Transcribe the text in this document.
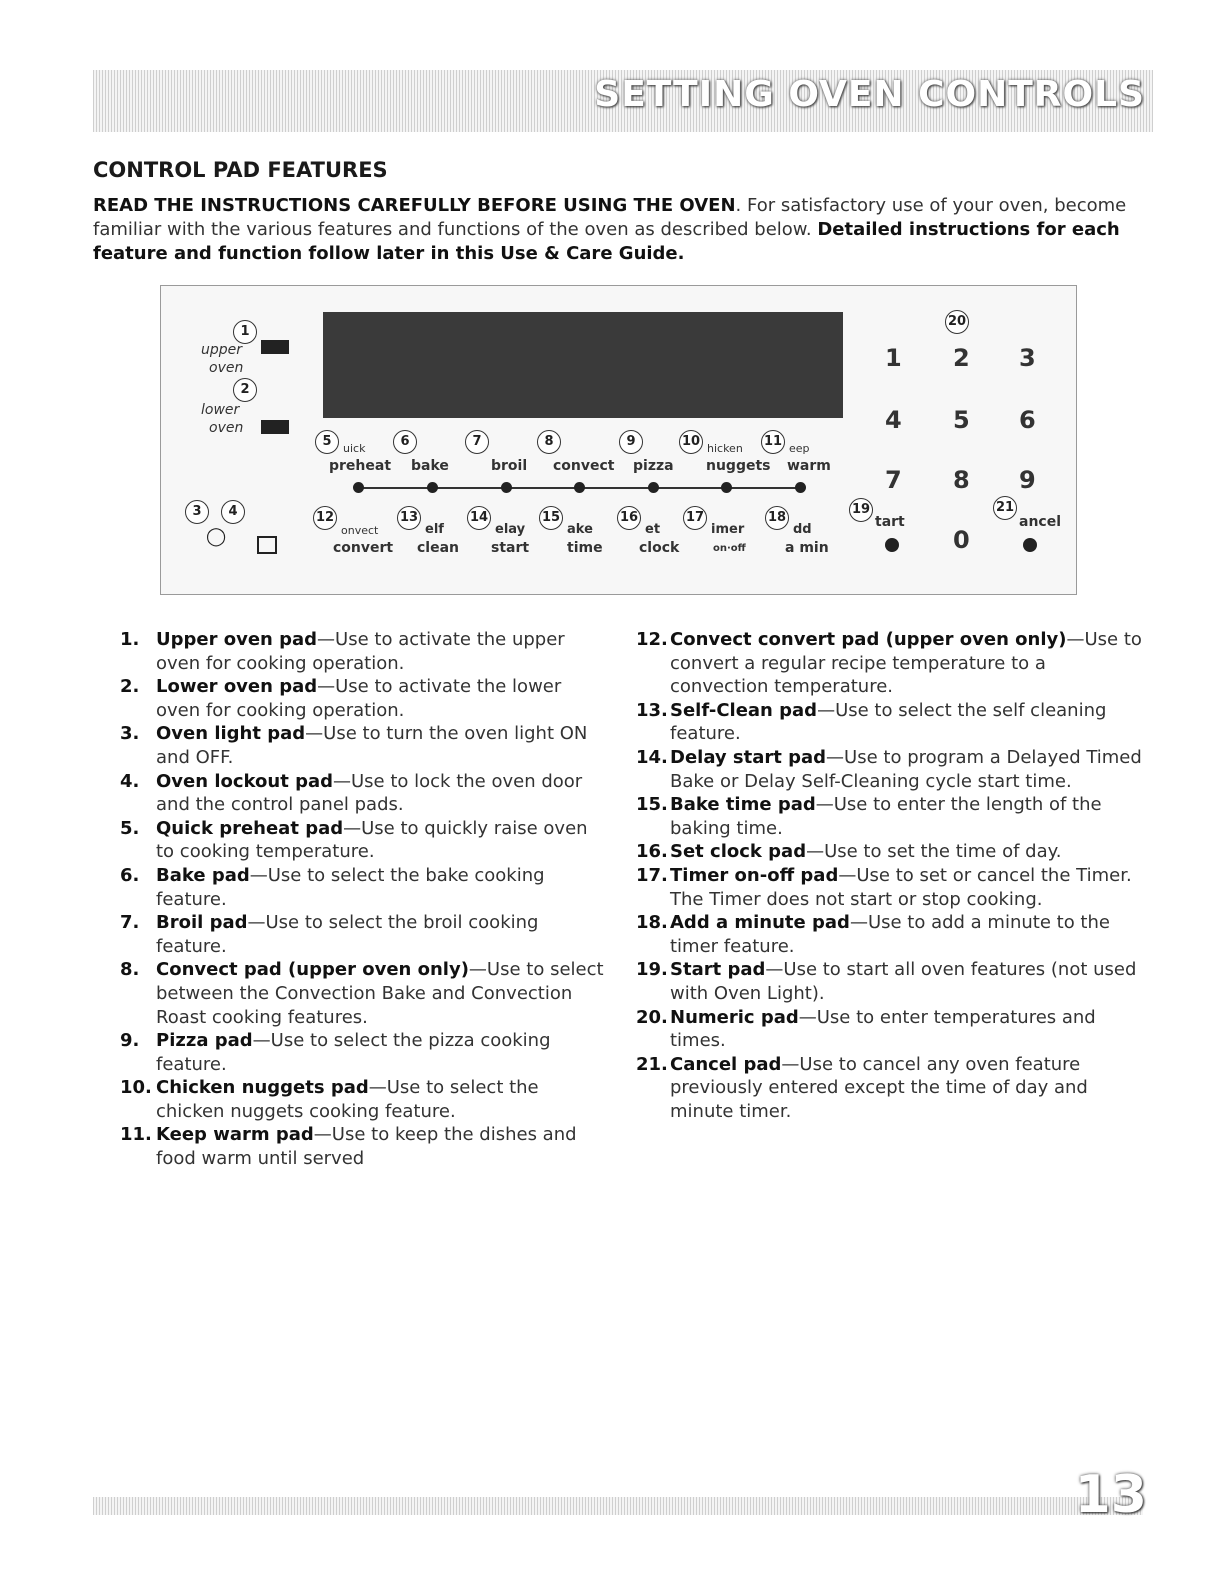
SETTING OVEN CONTROLS
CONTROL PAD FEATURES
READ THE INSTRUCTIONS CAREFULLY BEFORE USING THE OVEN. For satisfactory use of your oven, become familiar with the various features and functions of the oven as described below. Detailed instructions for each feature and function follow later in this Use & Care Guide.
1
upper
oven
2
lower
oven
3	4
◯
5	6	7	8	9	10	11
uick	hicken	eep
preheat bake	broil convect pizza nuggets warm
12	13	14	15	16	17	18
onvect	elf	elay	ake	et	imer	dd
convert clean start	time	clock	on·off	a min
20
1 2 3
4 5 6
7 8 9
0
19
tart
21
ancel
1. Upper oven pad—Use to activate the upper oven for cooking operation.
2. Lower oven pad—Use to activate the lower oven for cooking operation.
3. Oven light pad—Use to turn the oven light ON and OFF.
4. Oven lockout pad—Use to lock the oven door and the control panel pads.
5. Quick preheat pad—Use to quickly raise oven to cooking temperature.
6. Bake pad—Use to select the bake cooking feature.
7. Broil pad—Use to select the broil cooking feature.
8. Convect pad (upper oven only)—Use to select between the Convection Bake and Convection Roast cooking features.
9. Pizza pad—Use to select the pizza cooking feature.
10. Chicken nuggets pad—Use to select the chicken nuggets cooking feature.
11. Keep warm pad—Use to keep the dishes and food warm until served
12. Convect convert pad (upper oven only)—Use to convert a regular recipe temperature to a convection temperature.
13. Self-Clean pad—Use to select the self cleaning feature.
14. Delay start pad—Use to program a Delayed Timed Bake or Delay Self-Cleaning cycle start time.
15. Bake time pad—Use to enter the length of the baking time.
16. Set clock pad—Use to set the time of day.
17. Timer on-off pad—Use to set or cancel the Timer. The Timer does not start or stop cooking.
18. Add a minute pad—Use to add a minute to the timer feature.
19. Start pad—Use to start all oven features (not used with Oven Light).
20. Numeric pad—Use to enter temperatures and times.
21. Cancel pad—Use to cancel any oven feature previously entered except the time of day and minute timer.
13
